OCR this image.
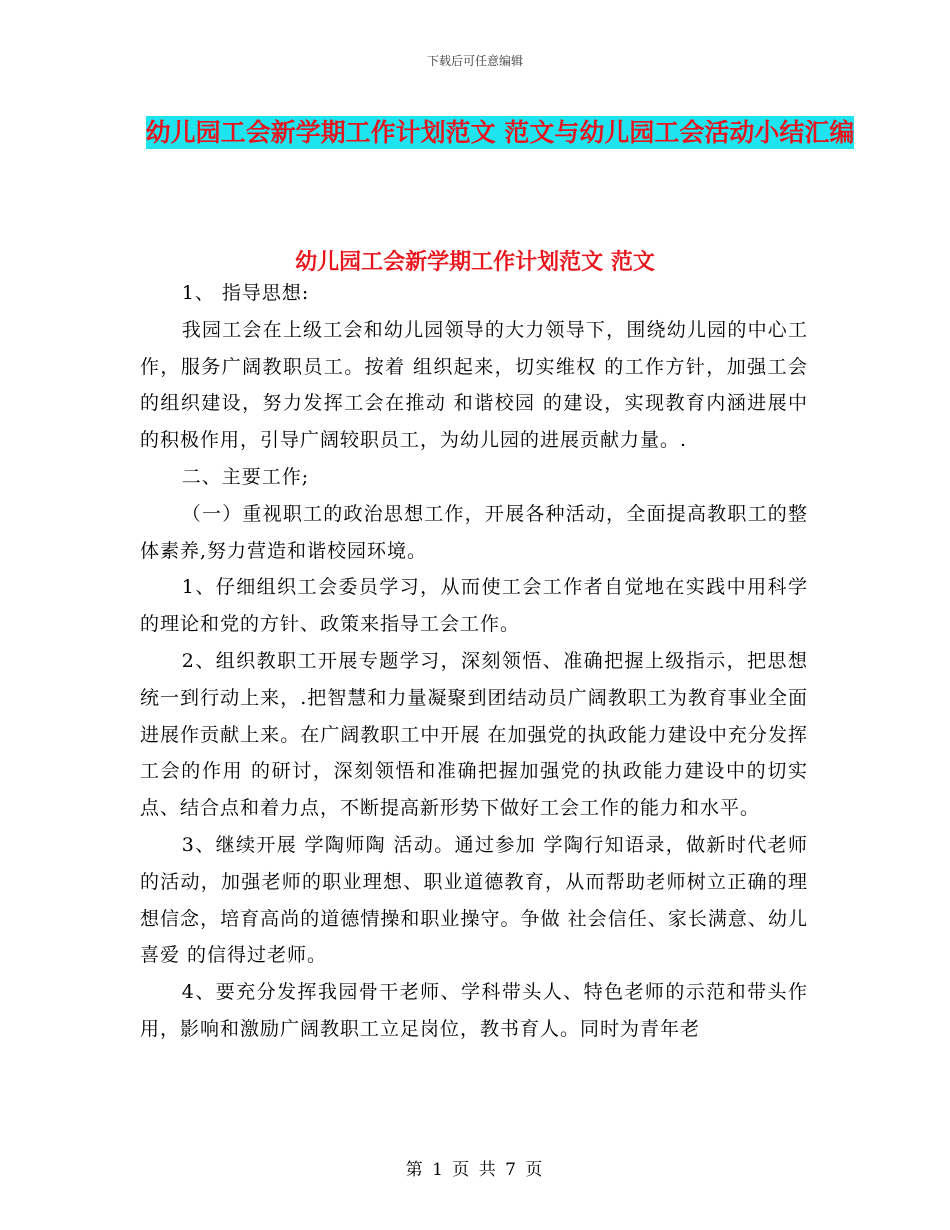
下载后可任意编辑
幼儿园工会新学期工作计划范文 范文与幼儿园工会活动小结汇编
幼儿园工会新学期工作计划范文 范文

1、 指导思想:

我园工会在上级工会和幼儿园领导的大力领导下，围绕幼儿园的中心工作，服务广阔教职员工。按着 组织起来，切实维权 的工作方针，加强工会的组织建设，努力发挥工会在推动 和谐校园 的建设，实现教育内涵进展中的积极作用，引导广阔较职员工，为幼儿园的进展贡献力量。.

二、主要工作;

（一）重视职工的政治思想工作，开展各种活动，全面提高教职工的整体素养,努力营造和谐校园环境。

1、仔细组织工会委员学习，从而使工会工作者自觉地在实践中用科学的理论和党的方针、政策来指导工会工作。

2、组织教职工开展专题学习，深刻领悟、准确把握上级指示，把思想统一到行动上来，.把智慧和力量凝聚到团结动员广阔教职工为教育事业全面进展作贡献上来。在广阔教职工中开展 在加强党的执政能力建设中充分发挥工会的作用 的研讨，深刻领悟和准确把握加强党的执政能力建设中的切实点、结合点和着力点，不断提高新形势下做好工会工作的能力和水平。

3、继续开展 学陶师陶 活动。通过参加 学陶行知语录，做新时代老师 的活动，加强老师的职业理想、职业道德教育，从而帮助老师树立正确的理想信念，培育高尚的道德情操和职业操守。争做 社会信任、家长满意、幼儿喜爱 的信得过老师。

4、要充分发挥我园骨干老师、学科带头人、特色老师的示范和带头作用，影响和激励广阔教职工立足岗位，教书育人。同时为青年老

第 1 页 共 7 页
